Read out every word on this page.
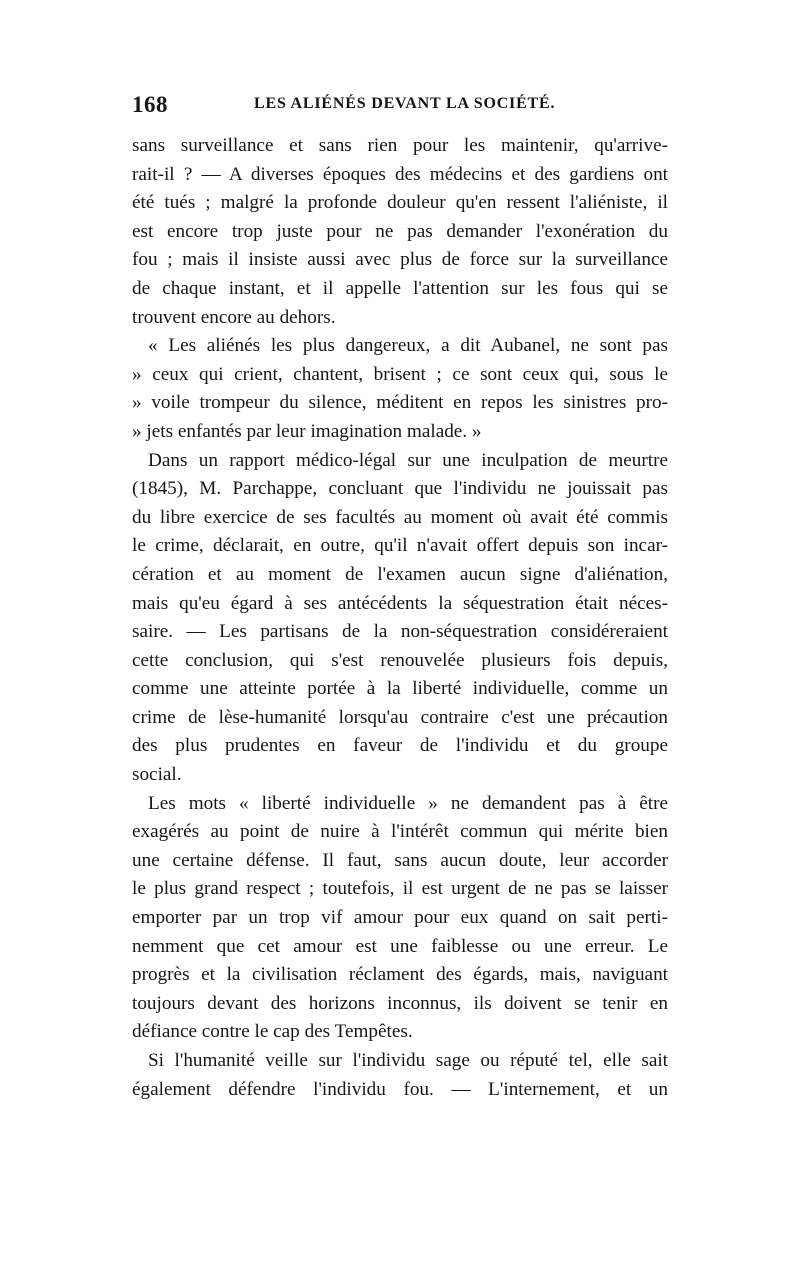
168	LES ALIÉNÉS DEVANT LA SOCIÉTÉ.
sans surveillance et sans rien pour les maintenir, qu'arrive-
rait-il ? — A diverses époques des médecins et des gardiens ont
été tués ; malgré la profonde douleur qu'en ressent l'aliéniste, il
est encore trop juste pour ne pas demander l'exonération du
fou ; mais il insiste aussi avec plus de force sur la surveillance
de chaque instant, et il appelle l'attention sur les fous qui se
trouvent encore au dehors.
« Les aliénés les plus dangereux, a dit Aubanel, ne sont pas
» ceux qui crient, chantent, brisent ; ce sont ceux qui, sous le
» voile trompeur du silence, méditent en repos les sinistres pro-
» jets enfantés par leur imagination malade. »
Dans un rapport médico-légal sur une inculpation de meurtre
(1845), M. Parchappe, concluant que l'individu ne jouissait pas
du libre exercice de ses facultés au moment où avait été commis
le crime, déclarait, en outre, qu'il n'avait offert depuis son incar-
cération et au moment de l'examen aucun signe d'aliénation,
mais qu'eu égard à ses antécédents la séquestration était néces-
saire. — Les partisans de la non-séquestration considéreraient
cette conclusion, qui s'est renouvelée plusieurs fois depuis,
comme une atteinte portée à la liberté individuelle, comme un
crime de lèse-humanité lorsqu'au contraire c'est une précaution
des plus prudentes en faveur de l'individu et du groupe
social.
Les mots « liberté individuelle » ne demandent pas à être
exagérés au point de nuire à l'intérêt commun qui mérite bien
une certaine défense. Il faut, sans aucun doute, leur accorder
le plus grand respect ; toutefois, il est urgent de ne pas se laisser
emporter par un trop vif amour pour eux quand on sait perti-
nemment que cet amour est une faiblesse ou une erreur. Le
progrès et la civilisation réclament des égards, mais, naviguant
toujours devant des horizons inconnus, ils doivent se tenir en
défiance contre le cap des Tempêtes.
Si l'humanité veille sur l'individu sage ou réputé tel, elle sait
également défendre l'individu fou. — L'internement, et un
